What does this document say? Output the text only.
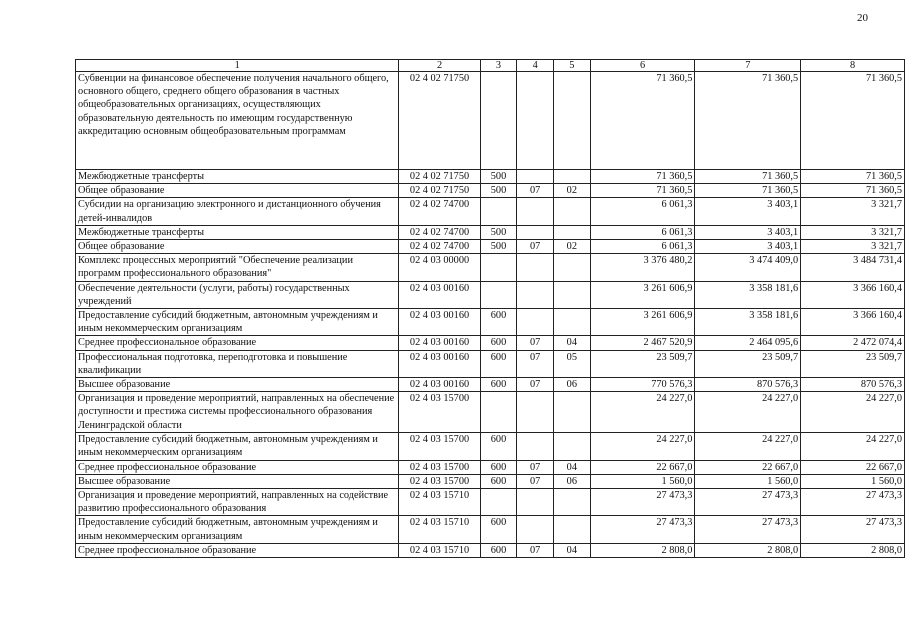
20
1	2	3	4	5	6	7	8
Субвенции на финансовое обеспечение получения начального общего, основного общего, среднего общего образования в частных общеобразовательных организациях, осуществляющих образовательную деятельность по имеющим государственную аккредитацию основным общеобразовательным программам	02 4 02 71750				71 360,5	71 360,5	71 360,5
Межбюджетные трансферты	02 4 02 71750	500			71 360,5	71 360,5	71 360,5
Общее образование	02 4 02 71750	500	07	02	71 360,5	71 360,5	71 360,5
Субсидии на организацию электронного и дистанционного обучения детей-инвалидов	02 4 02 74700				6 061,3	3 403,1	3 321,7
Межбюджетные трансферты	02 4 02 74700	500			6 061,3	3 403,1	3 321,7
Общее образование	02 4 02 74700	500	07	02	6 061,3	3 403,1	3 321,7
Комплекс процессных мероприятий "Обеспечение реализации программ профессионального образования"	02 4 03 00000				3 376 480,2	3 474 409,0	3 484 731,4
Обеспечение деятельности (услуги, работы) государственных учреждений	02 4 03 00160				3 261 606,9	3 358 181,6	3 366 160,4
Предоставление субсидий бюджетным, автономным учреждениям и иным некоммерческим организациям	02 4 03 00160	600			3 261 606,9	3 358 181,6	3 366 160,4
Среднее профессиональное образование	02 4 03 00160	600	07	04	2 467 520,9	2 464 095,6	2 472 074,4
Профессиональная подготовка, переподготовка и повышение квалификации	02 4 03 00160	600	07	05	23 509,7	23 509,7	23 509,7
Высшее образование	02 4 03 00160	600	07	06	770 576,3	870 576,3	870 576,3
Организация и проведение мероприятий, направленных на обеспечение доступности и престижа системы профессионального образования Ленинградской области	02 4 03 15700				24 227,0	24 227,0	24 227,0
Предоставление субсидий бюджетным, автономным учреждениям и иным некоммерческим организациям	02 4 03 15700	600			24 227,0	24 227,0	24 227,0
Среднее профессиональное образование	02 4 03 15700	600	07	04	22 667,0	22 667,0	22 667,0
Высшее образование	02 4 03 15700	600	07	06	1 560,0	1 560,0	1 560,0
Организация и проведение мероприятий, направленных на содействие развитию профессионального образования	02 4 03 15710				27 473,3	27 473,3	27 473,3
Предоставление субсидий бюджетным, автономным учреждениям и иным некоммерческим организациям	02 4 03 15710	600			27 473,3	27 473,3	27 473,3
Среднее профессиональное образование	02 4 03 15710	600	07	04	2 808,0	2 808,0	2 808,0
